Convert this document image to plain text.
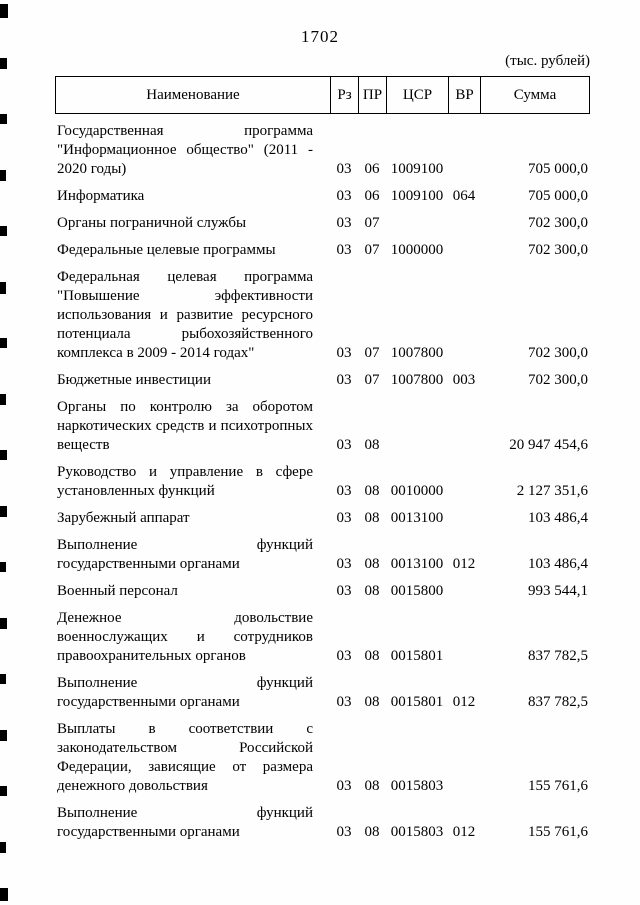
1702
(тыс. рублей)
Наименование	Рз ПР	ЦСР	ВР	Сумма
Государственная программа "Информационное общество" (2011 - 2020 годы)	03 06 1009100	705 000,0
Информатика	03 06 1009100 064	705 000,0
Органы пограничной службы	03 07	702 300,0
Федеральные целевые программы	03 07 1000000	702 300,0
Федеральная целевая программа "Повышение эффективности использования и развитие ресурсного потенциала рыбохозяйственного комплекса в 2009 - 2014 годах"	03 07 1007800	702 300,0
Бюджетные инвестиции	03 07 1007800 003	702 300,0
Органы по контролю за оборотом наркотических средств и психотропных веществ	03 08	20 947 454,6
Руководство и управление в сфере установленных функций	03 08 0010000	2 127 351,6
Зарубежный аппарат	03 08 0013100	103 486,4
Выполнение функций государственными органами	03 08 0013100 012	103 486,4
Военный персонал	03 08 0015800	993 544,1
Денежное довольствие военнослужащих и сотрудников правоохранительных органов	03 08 0015801	837 782,5
Выполнение функций государственными органами	03 08 0015801 012	837 782,5
Выплаты в соответствии с законодательством Российской Федерации, зависящие от размера денежного довольствия	03 08 0015803	155 761,6
Выполнение функций государственными органами	03 08 0015803 012	155 761,6
